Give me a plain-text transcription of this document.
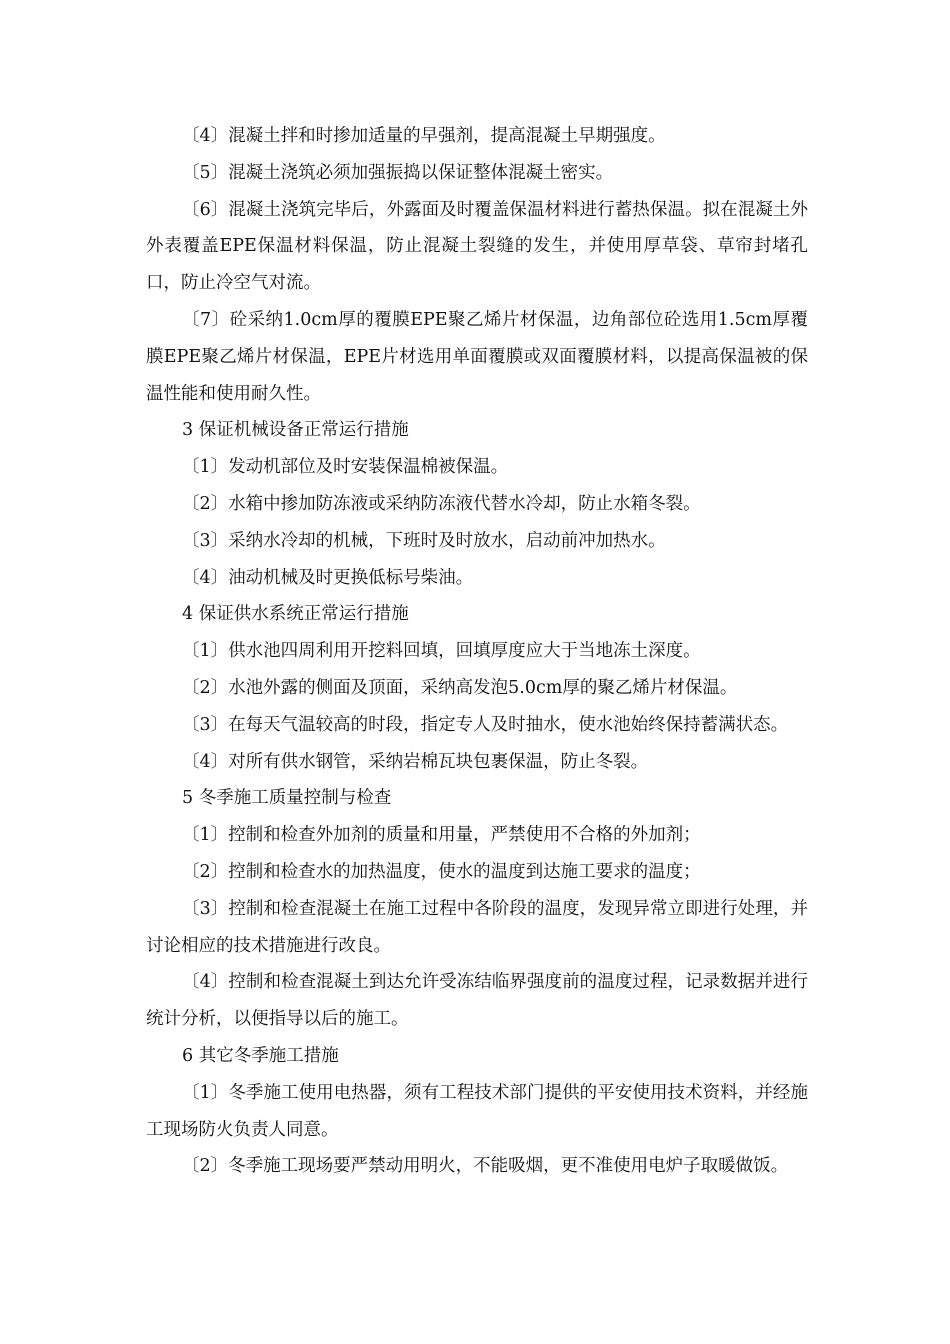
〔4〕混凝土拌和时掺加适量的早强剂，提高混凝土早期强度。

〔5〕混凝土浇筑必须加强振捣以保证整体混凝土密实。

〔6〕混凝土浇筑完毕后，外露面及时覆盖保温材料进行蓄热保温。拟在混凝土外外表覆盖EPE保温材料保温，防止混凝土裂缝的发生，并使用厚草袋、草帘封堵孔口，防止冷空气对流。

〔7〕砼采纳1.0cm厚的覆膜EPE聚乙烯片材保温，边角部位砼选用1.5cm厚覆膜EPE聚乙烯片材保温，EPE片材选用单面覆膜或双面覆膜材料，以提高保温被的保温性能和使用耐久性。

3 保证机械设备正常运行措施

〔1〕发动机部位及时安装保温棉被保温。

〔2〕水箱中掺加防冻液或采纳防冻液代替水冷却，防止水箱冬裂。

〔3〕采纳水冷却的机械，下班时及时放水，启动前冲加热水。

〔4〕油动机械及时更换低标号柴油。

4 保证供水系统正常运行措施

〔1〕供水池四周利用开挖料回填，回填厚度应大于当地冻土深度。

〔2〕水池外露的侧面及顶面，采纳高发泡5.0cm厚的聚乙烯片材保温。

〔3〕在每天气温较高的时段，指定专人及时抽水，使水池始终保持蓄满状态。

〔4〕对所有供水钢管，采纳岩棉瓦块包裹保温，防止冬裂。

5 冬季施工质量控制与检查

〔1〕控制和检查外加剂的质量和用量，严禁使用不合格的外加剂；

〔2〕控制和检查水的加热温度，使水的温度到达施工要求的温度；

〔3〕控制和检查混凝土在施工过程中各阶段的温度，发现异常立即进行处理，并讨论相应的技术措施进行改良。

〔4〕控制和检查混凝土到达允许受冻结临界强度前的温度过程，记录数据并进行统计分析，以便指导以后的施工。

6 其它冬季施工措施

〔1〕冬季施工使用电热器，须有工程技术部门提供的平安使用技术资料，并经施工现场防火负责人同意。

〔2〕冬季施工现场要严禁动用明火，不能吸烟，更不准使用电炉子取暖做饭。
